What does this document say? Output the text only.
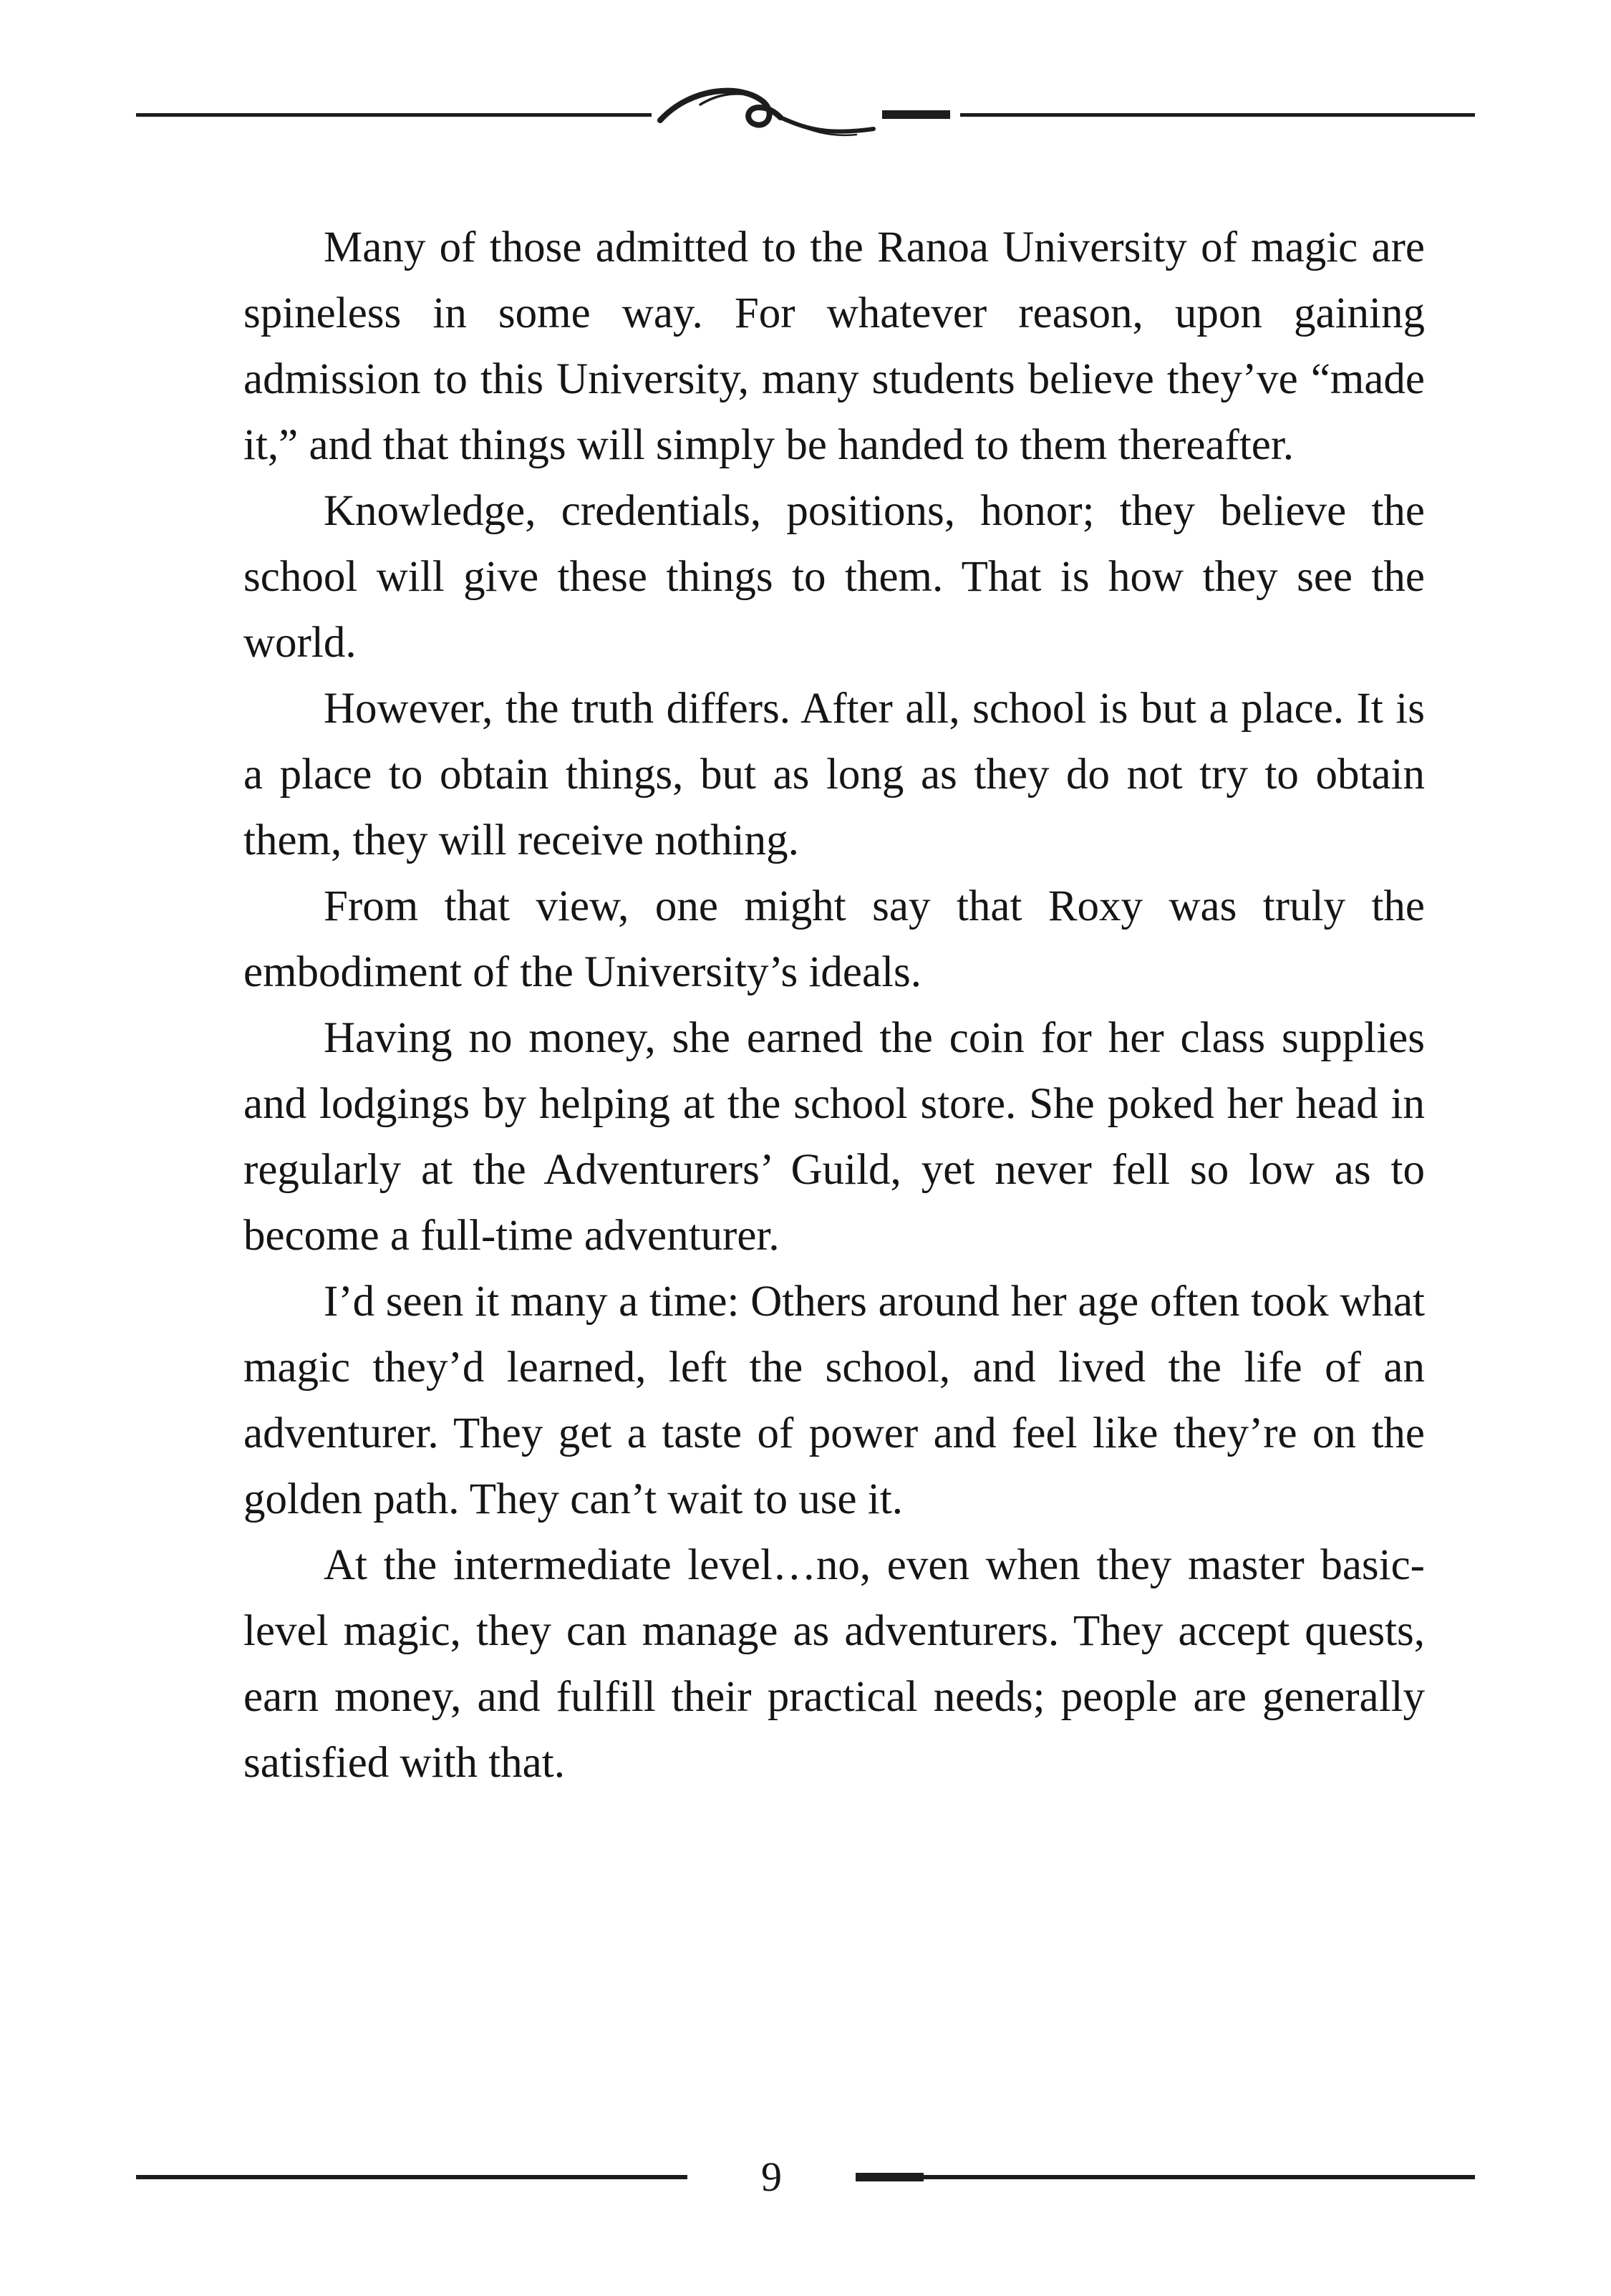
Many of those admitted to the Ranoa University of magic are spineless in some way. For whatever reason, upon gaining admission to this University, many students believe they’ve “made it,” and that things will simply be handed to them thereafter.

Knowledge, credentials, positions, honor; they believe the school will give these things to them. That is how they see the world.

However, the truth differs. After all, school is but a place. It is a place to obtain things, but as long as they do not try to obtain them, they will receive nothing.

From that view, one might say that Roxy was truly the embodiment of the University’s ideals.

Having no money, she earned the coin for her class supplies and lodgings by helping at the school store. She poked her head in regularly at the Adventurers’ Guild, yet never fell so low as to become a full-time adventurer.

I’d seen it many a time: Others around her age often took what magic they’d learned, left the school, and lived the life of an adventurer. They get a taste of power and feel like they’re on the golden path. They can’t wait to use it.

At the intermediate level…no, even when they master basic-level magic, they can manage as adventurers. They accept quests, earn money, and fulfill their practical needs; people are generally satisfied with that.

9
